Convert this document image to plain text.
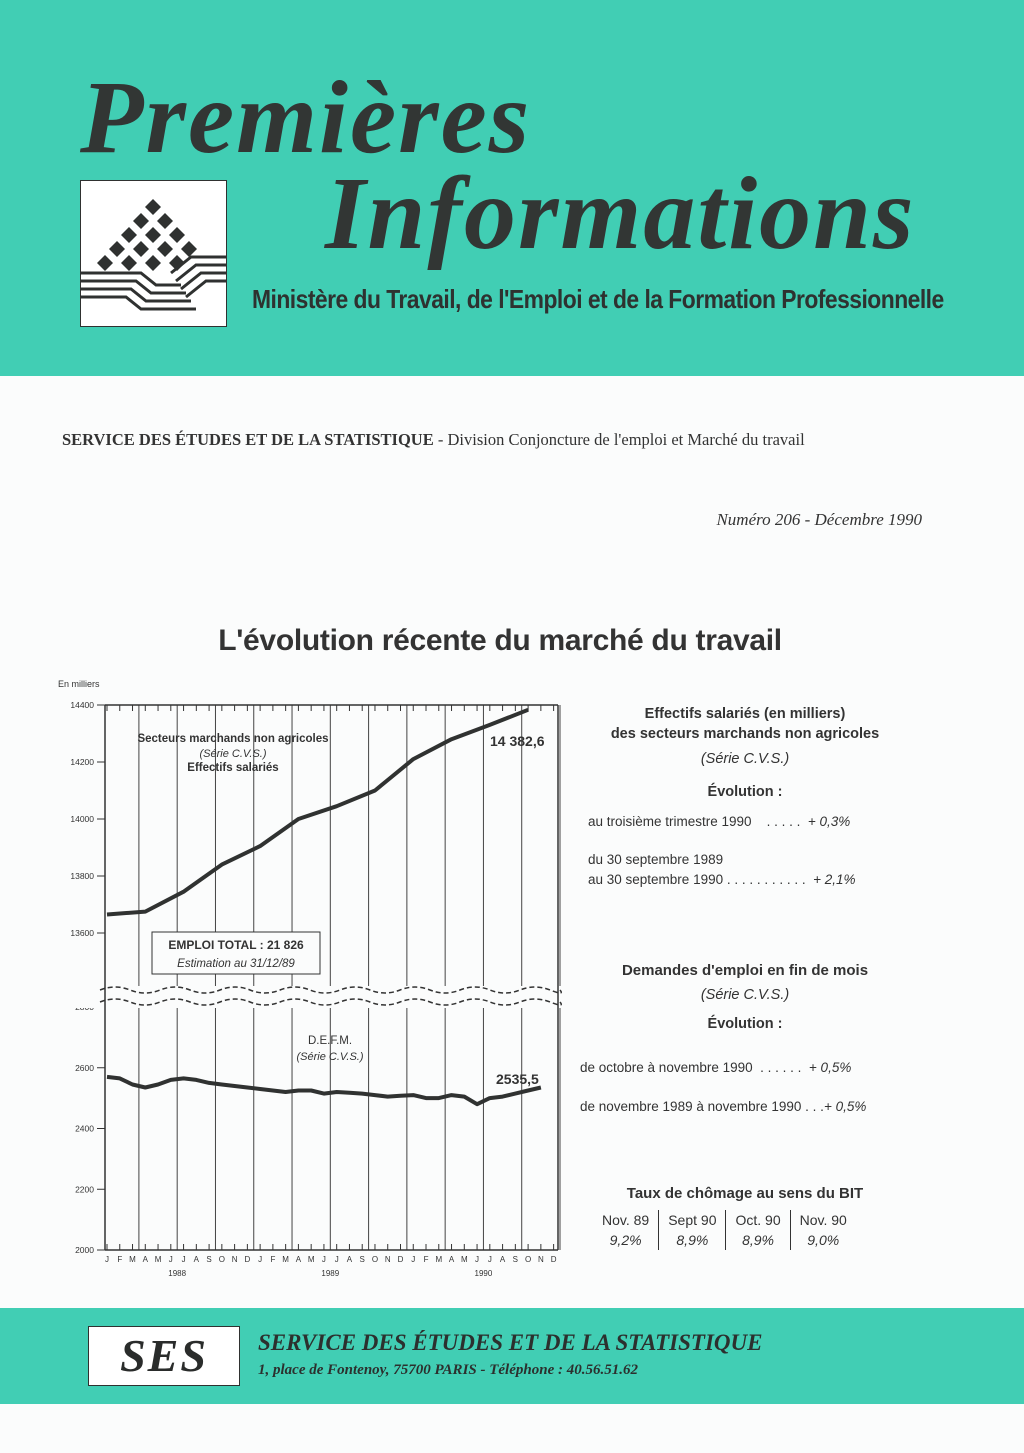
Premières
Informations
Ministère du Travail, de l'Emploi et de la Formation Professionnelle
SERVICE DES ÉTUDES ET DE LA STATISTIQUE - Division Conjoncture de l'emploi et Marché du travail
Numéro 206 - Décembre 1990
L'évolution récente du marché du travail
14400
14200
14000
13800
13600
2600
2400
2200
2000
J F M A M J J A S O N D J F M A M J J A S O N D J F M A M J J A S O N D
1988	1989	1990
En milliers
Secteurs marchands non agricoles
(Série C.V.S.)
Effectifs salariés
14 382,6
EMPLOI TOTAL : 21 826
Estimation au 31/12/89
D.E.F.M.
(Série C.V.S.)
2535,5
Effectifs salariés (en milliers)
des secteurs marchands non agricoles
(Série C.V.S.)
Évolution :
au troisième trimestre 1990 . . . . . + 0,3%
du 30 septembre 1989
au 30 septembre 1990 . . . . . . . . . . . + 2,1%
Demandes d'emploi en fin de mois
(Série C.V.S.)
Évolution :
de octobre à novembre 1990 . . . . . . + 0,5%
de novembre 1989 à novembre 1990 . . .+ 0,5%
Taux de chômage au sens du BIT
Nov. 89	Sept 90	Oct. 90	Nov. 90
9,2%	8,9%	8,9%	9,0%
SES	SERVICE DES ÉTUDES ET DE LA STATISTIQUE
1, place de Fontenoy, 75700 PARIS - Téléphone : 40.56.51.62
